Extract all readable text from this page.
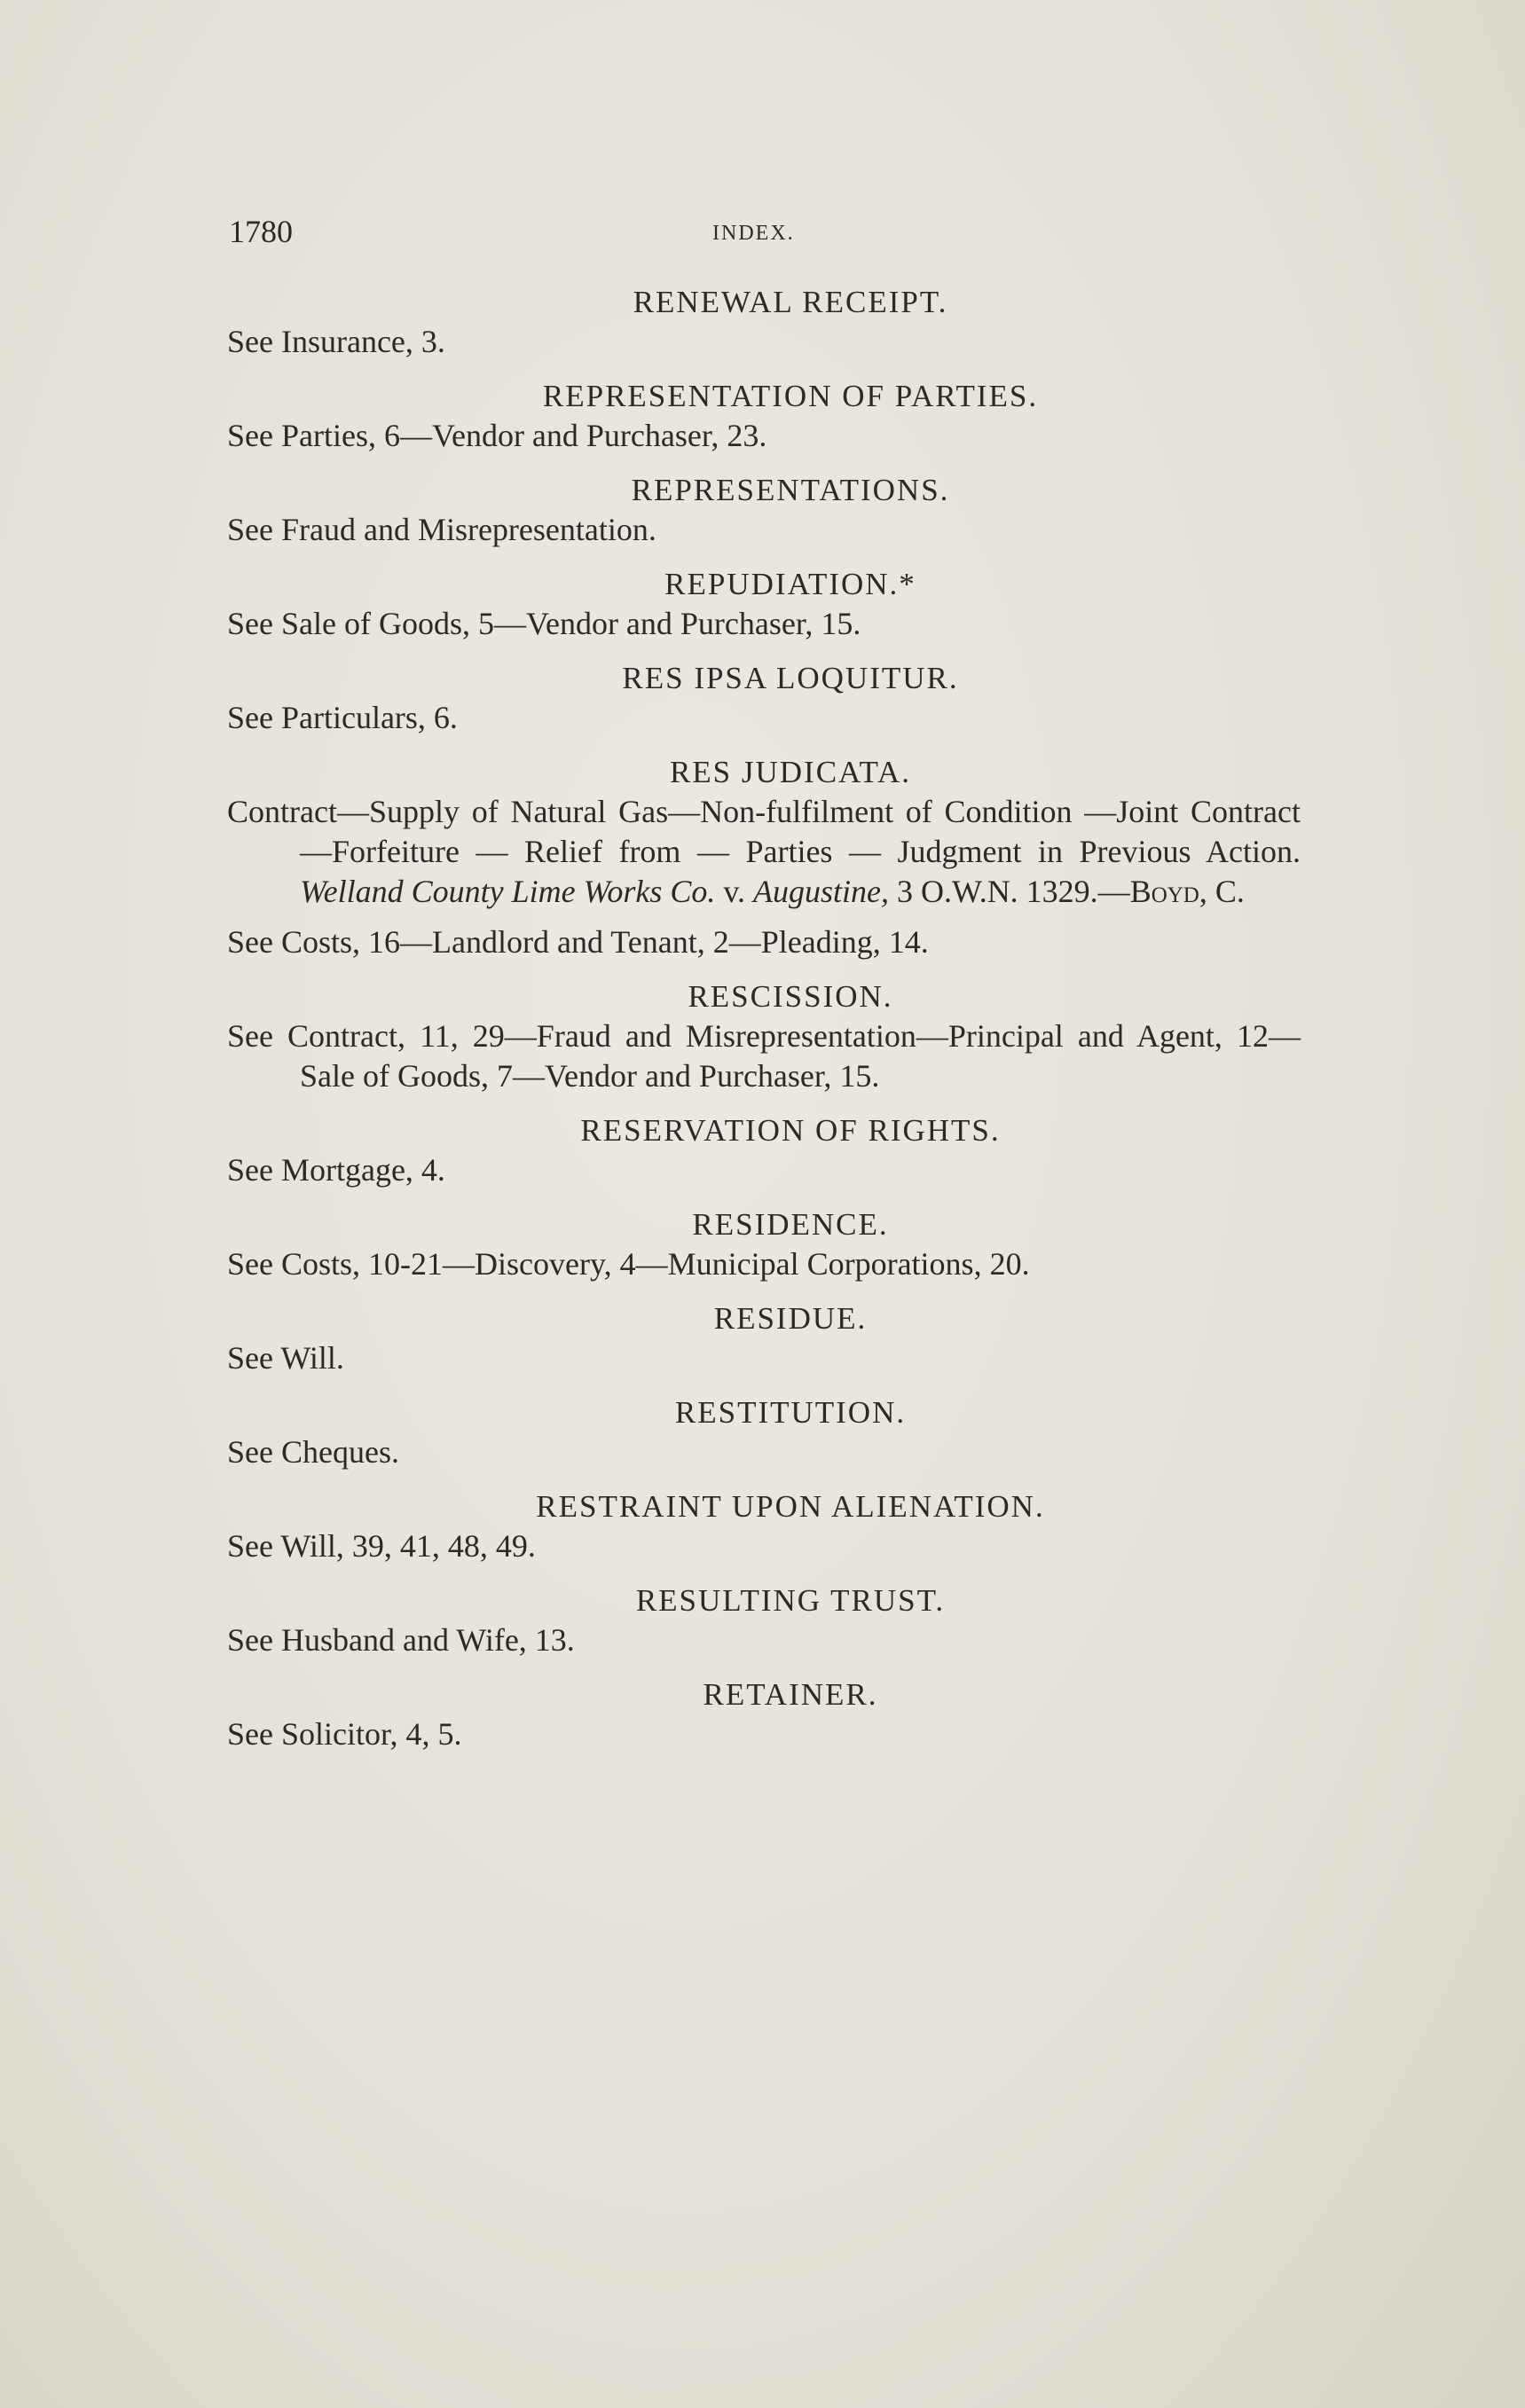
1780	INDEX.
RENEWAL RECEIPT.
See Insurance, 3.
REPRESENTATION OF PARTIES.
See Parties, 6—Vendor and Purchaser, 23.
REPRESENTATIONS.
See Fraud and Misrepresentation.
REPUDIATION.*
See Sale of Goods, 5—Vendor and Purchaser, 15.
RES IPSA LOQUITUR.
See Particulars, 6.
RES JUDICATA.
Contract—Supply of Natural Gas—Non-fulfilment of Condition —Joint Contract—Forfeiture — Relief from — Parties — Judgment in Previous Action. Welland County Lime Works Co. v. Augustine, 3 O.W.N. 1329.—Boyd, C.
See Costs, 16—Landlord and Tenant, 2—Pleading, 14.
RESCISSION.
See Contract, 11, 29—Fraud and Misrepresentation—Principal and Agent, 12—Sale of Goods, 7—Vendor and Purchaser, 15.
RESERVATION OF RIGHTS.
See Mortgage, 4.
RESIDENCE.
See Costs, 10-21—Discovery, 4—Municipal Corporations, 20.
RESIDUE.
See Will.
RESTITUTION.
See Cheques.
RESTRAINT UPON ALIENATION.
See Will, 39, 41, 48, 49.
RESULTING TRUST.
See Husband and Wife, 13.
RETAINER.
See Solicitor, 4, 5.
